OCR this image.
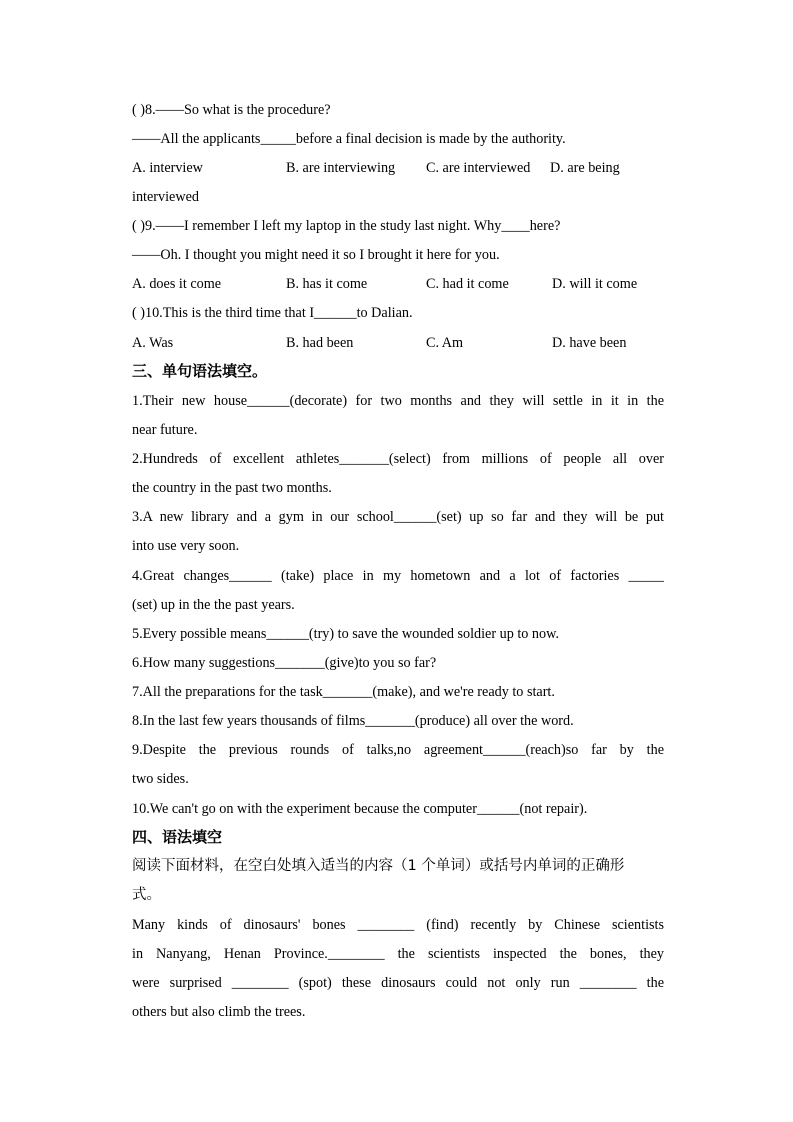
( )8.——So what is the procedure?
——All the applicants_____before a final decision is made by the authority.
A. interview	B. are interviewing C. are interviewed D. are being
interviewed
( )9.——I remember I left my laptop in the study last night. Why____here?
——Oh. I thought you might need it so I brought it here for you.
A. does it come	B. has it come	C. had it come	D. will it come
( )10.This is the third time that I______to Dalian.
A. Was	B. had been	C. Am	D. have been
三、单句语法填空。
1.Their new house______(decorate) for two months and they will settle in it in the
near future.
2.Hundreds of excellent athletes_______(select) from millions of people all over
the country in the past two months.
3.A new library and a gym in our school______(set) up so far and they will be put
into use very soon.
4.Great changes______ (take) place in my hometown and a lot of factories _____
(set) up in the the past years.
5.Every possible means______(try) to save the wounded soldier up to now.
6.How many suggestions_______(give)to you so far?
7.All the preparations for the task_______(make), and we're ready to start.
8.In the last few years thousands of films_______(produce) all over the word.
9.Despite the previous rounds of talks,no agreement______(reach)so far by the
two sides.
10.We can't go on with the experiment because the computer______(not repair).
四、语法填空
阅读下面材料，在空白处填入适当的内容（1 个单词）或括号内单词的正确形
式。
Many kinds of dinosaurs' bones ________ (find) recently by Chinese scientists
in Nanyang, Henan Province.________ the scientists inspected the bones, they
were surprised ________ (spot) these dinosaurs could not only run ________ the
others but also climb the trees.
